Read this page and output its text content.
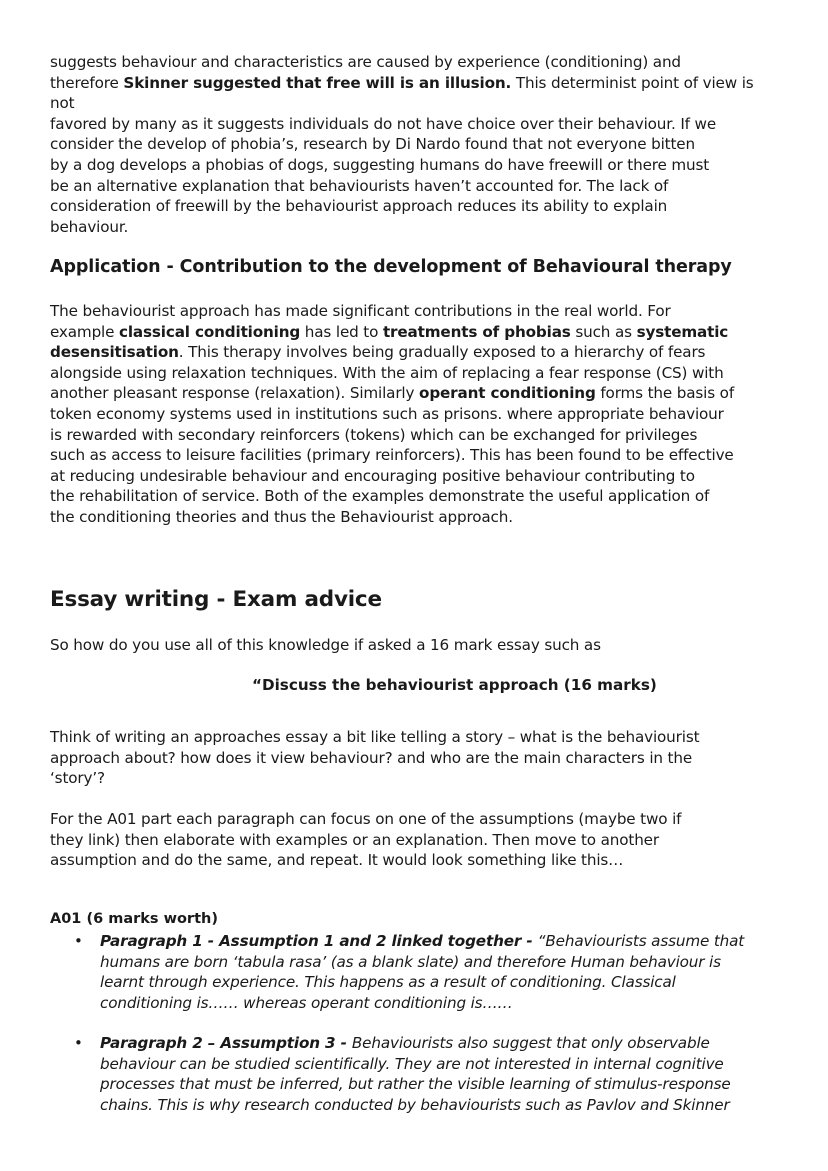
suggests behaviour and characteristics are caused by experience (conditioning) and
therefore Skinner suggested that free will is an illusion. This determinist point of view is not
favored by many as it suggests individuals do not have choice over their behaviour. If we
consider the develop of phobia’s, research by Di Nardo found that not everyone bitten
by a dog develops a phobias of dogs, suggesting humans do have freewill or there must
be an alternative explanation that behaviourists haven’t accounted for. The lack of
consideration of freewill by the behaviourist approach reduces its ability to explain
behaviour.

Application - Contribution to the development of Behavioural therapy

The behaviourist approach has made significant contributions in the real world. For
example classical conditioning has led to treatments of phobias such as systematic
desensitisation. This therapy involves being gradually exposed to a hierarchy of fears
alongside using relaxation techniques. With the aim of replacing a fear response (CS) with
another pleasant response (relaxation). Similarly operant conditioning forms the basis of
token economy systems used in institutions such as prisons. where appropriate behaviour
is rewarded with secondary reinforcers (tokens) which can be exchanged for privileges
such as access to leisure facilities (primary reinforcers). This has been found to be effective
at reducing undesirable behaviour and encouraging positive behaviour contributing to
the rehabilitation of service. Both of the examples demonstrate the useful application of
the conditioning theories and thus the Behaviourist approach.

Essay writing - Exam advice

So how do you use all of this knowledge if asked a 16 mark essay such as

“Discuss the behaviourist approach (16 marks)

Think of writing an approaches essay a bit like telling a story – what is the behaviourist
approach about? how does it view behaviour? and who are the main characters in the
‘story’?

For the A01 part each paragraph can focus on one of the assumptions (maybe two if
they link) then elaborate with examples or an explanation. Then move to another
assumption and do the same, and repeat. It would look something like this…

A01 (6 marks worth)

• Paragraph 1 - Assumption 1 and 2 linked together - “Behaviourists assume that
humans are born ‘tabula rasa’ (as a blank slate) and therefore Human behaviour is
learnt through experience. This happens as a result of conditioning. Classical
conditioning is…… whereas operant conditioning is……

• Paragraph 2 – Assumption 3 - Behaviourists also suggest that only observable
behaviour can be studied scientifically. They are not interested in internal cognitive
processes that must be inferred, but rather the visible learning of stimulus-response
chains. This is why research conducted by behaviourists such as Pavlov and Skinner
